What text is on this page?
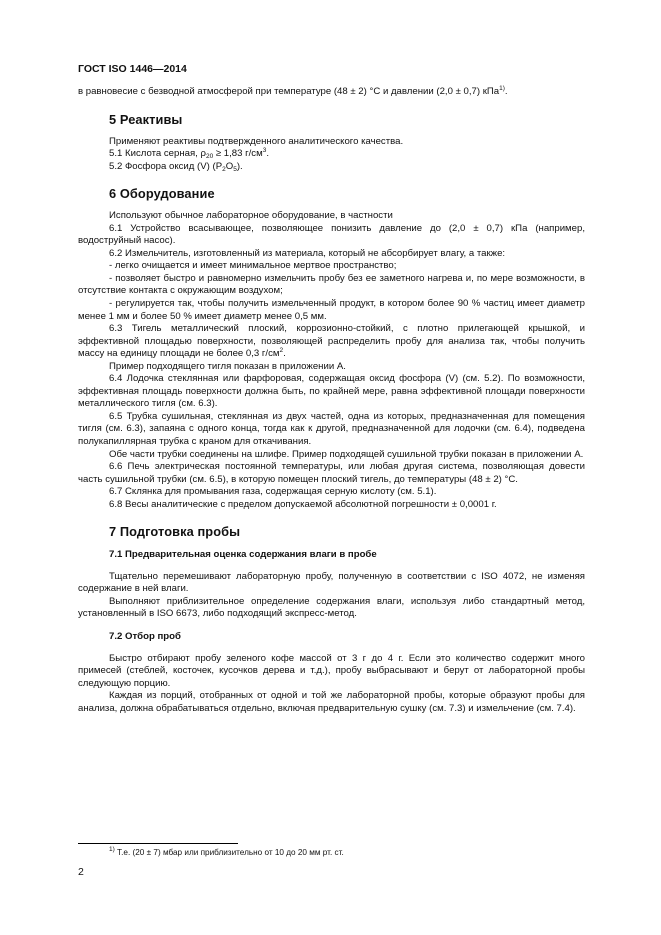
ГОСТ ISO 1446—2014

в равновесие с безводной атмосферой при температуре (48 ± 2) °С и давлении (2,0 ± 0,7) кПа$^{1)}$.

5 Реактивы

Применяют реактивы подтвержденного аналитического качества.

5.1 Кислота серная, $\rho_{20} \ge 1,83$ $г/см^3$.

5.2 Фосфора оксид (V) $(P_2O_5)$.

6 Оборудование

Используют обычное лабораторное оборудование, в частности

6.1 Устройство всасывающее, позволяющее понизить давление до (2,0 ± 0,7) кПа (например, водоструйный насос).

6.2 Измельчитель, изготовленный из материала, который не абсорбирует влагу, а также:

- легко очищается и имеет минимальное мертвое пространство;

- позволяет быстро и равномерно измельчить пробу без ее заметного нагрева и, по мере возможности, в отсутствие контакта с окружающим воздухом;

- регулируется так, чтобы получить измельченный продукт, в котором более 90 % частиц имеет диаметр менее 1 мм и более 50 % имеет диаметр менее 0,5 мм.

6.3 Тигель металлический плоский, коррозионно-стойкий, с плотно прилегающей крышкой, и эффективной площадью поверхности, позволяющей распределить пробу для анализа так, чтобы получить массу на единицу площади не более 0,3 $г/см^2$.

Пример подходящего тигля показан в приложении А.

6.4 Лодочка стеклянная или фарфоровая, содержащая оксид фосфора (V) (см. 5.2). По возможности, эффективная площадь поверхности должна быть, по крайней мере, равна эффективной площади поверхности металлического тигля (см. 6.3).

6.5 Трубка сушильная, стеклянная из двух частей, одна из которых, предназначенная для помещения тигля (см. 6.3), запаяна с одного конца, тогда как к другой, предназначенной для лодочки (см. 6.4), подведена полукапиллярная трубка с краном для откачивания.

Обе части трубки соединены на шлифе. Пример подходящей сушильной трубки показан в приложении А.

6.6 Печь электрическая постоянной температуры, или любая другая система, позволяющая довести часть сушильной трубки (см. 6.5), в которую помещен плоский тигель, до температуры (48 ± 2) °С.

6.7 Склянка для промывания газа, содержащая серную кислоту (см. 5.1).

6.8 Весы аналитические с пределом допускаемой абсолютной погрешности ± 0,0001 г.

7 Подготовка пробы
7.1 Предварительная оценка содержания влаги в пробе

Тщательно перемешивают лабораторную пробу, полученную в соответствии с ISO 4072, не изменяя содержание в ней влаги.

Выполняют приблизительное определение содержания влаги, используя либо стандартный метод, установленный в ISO 6673, либо подходящий экспресс-метод.

7.2 Отбор проб

Быстро отбирают пробу зеленого кофе массой от 3 г до 4 г. Если это количество содержит много примесей (стеблей, косточек, кусочков дерева и т.д.), пробу выбрасывают и берут от лабораторной пробы следующую порцию.

Каждая из порций, отобранных от одной и той же лабораторной пробы, которые образуют пробы для анализа, должна обрабатываться отдельно, включая предварительную сушку (см. 7.3) и измельчение (см. 7.4).

$^{1)}$ Т.е. (20 ± 7) мбар или приблизительно от 10 до 20 мм рт. ст.
2
